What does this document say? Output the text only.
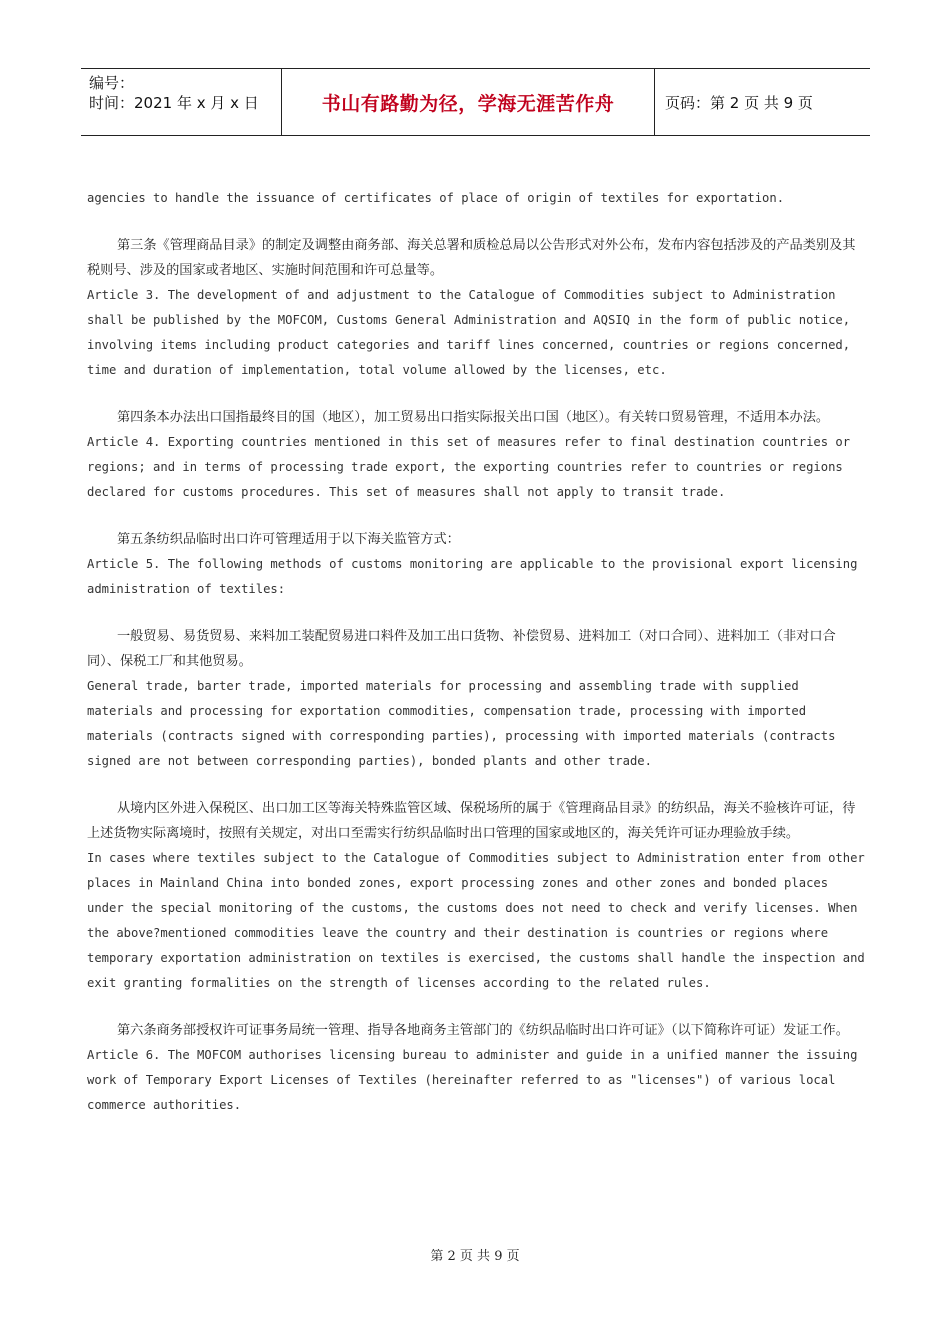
编号：
时间：2021 年 x 月 x 日	书山有路勤为径，学海无涯苦作舟	页码：第 2 页 共 9 页

agencies to handle the issuance of certificates of place of origin of textiles for exportation.

第三条《管理商品目录》的制定及调整由商务部、海关总署和质检总局以公告形式对外公布，发布内容包括涉及的产品类别及其税则号、涉及的国家或者地区、实施时间范围和许可总量等。

Article 3. The development of and adjustment to the Catalogue of Commodities subject to Administration shall be published by the MOFCOM, Customs General Administration and AQSIQ in the form of public notice, involving items including product categories and tariff lines concerned, countries or regions concerned, time and duration of implementation, total volume allowed by the licenses, etc.

第四条本办法出口国指最终目的国（地区），加工贸易出口指实际报关出口国（地区）。有关转口贸易管理，不适用本办法。

Article 4. Exporting countries mentioned in this set of measures refer to final destination countries or regions; and in terms of processing trade export, the exporting countries refer to countries or regions declared for customs procedures. This set of measures shall not apply to transit trade.

第五条纺织品临时出口许可管理适用于以下海关监管方式：

Article 5. The following methods of customs monitoring are applicable to the provisional export licensing administration of textiles:

一般贸易、易货贸易、来料加工装配贸易进口料件及加工出口货物、补偿贸易、进料加工（对口合同）、进料加工（非对口合同）、保税工厂和其他贸易。

General trade, barter trade, imported materials for processing and assembling trade with supplied materials and processing for exportation commodities, compensation trade, processing with imported materials (contracts signed with corresponding parties), processing with imported materials (contracts signed are not between corresponding parties), bonded plants and other trade.

从境内区外进入保税区、出口加工区等海关特殊监管区域、保税场所的属于《管理商品目录》的纺织品，海关不验核许可证，待上述货物实际离境时，按照有关规定，对出口至需实行纺织品临时出口管理的国家或地区的，海关凭许可证办理验放手续。

In cases where textiles subject to the Catalogue of Commodities subject to Administration enter from other places in Mainland China into bonded zones, export processing zones and other zones and bonded places under the special monitoring of the customs, the customs does not need to check and verify licenses. When the above?mentioned commodities leave the country and their destination is countries or regions where temporary exportation administration on textiles is exercised, the customs shall handle the inspection and exit granting formalities on the strength of licenses according to the related rules.

第六条商务部授权许可证事务局统一管理、指导各地商务主管部门的《纺织品临时出口许可证》（以下简称许可证）发证工作。

Article 6. The MOFCOM authorises licensing bureau to administer and guide in a unified manner the issuing work of Temporary Export Licenses of Textiles (hereinafter referred to as "licenses") of various local commerce authorities.

第 2 页 共 9 页
